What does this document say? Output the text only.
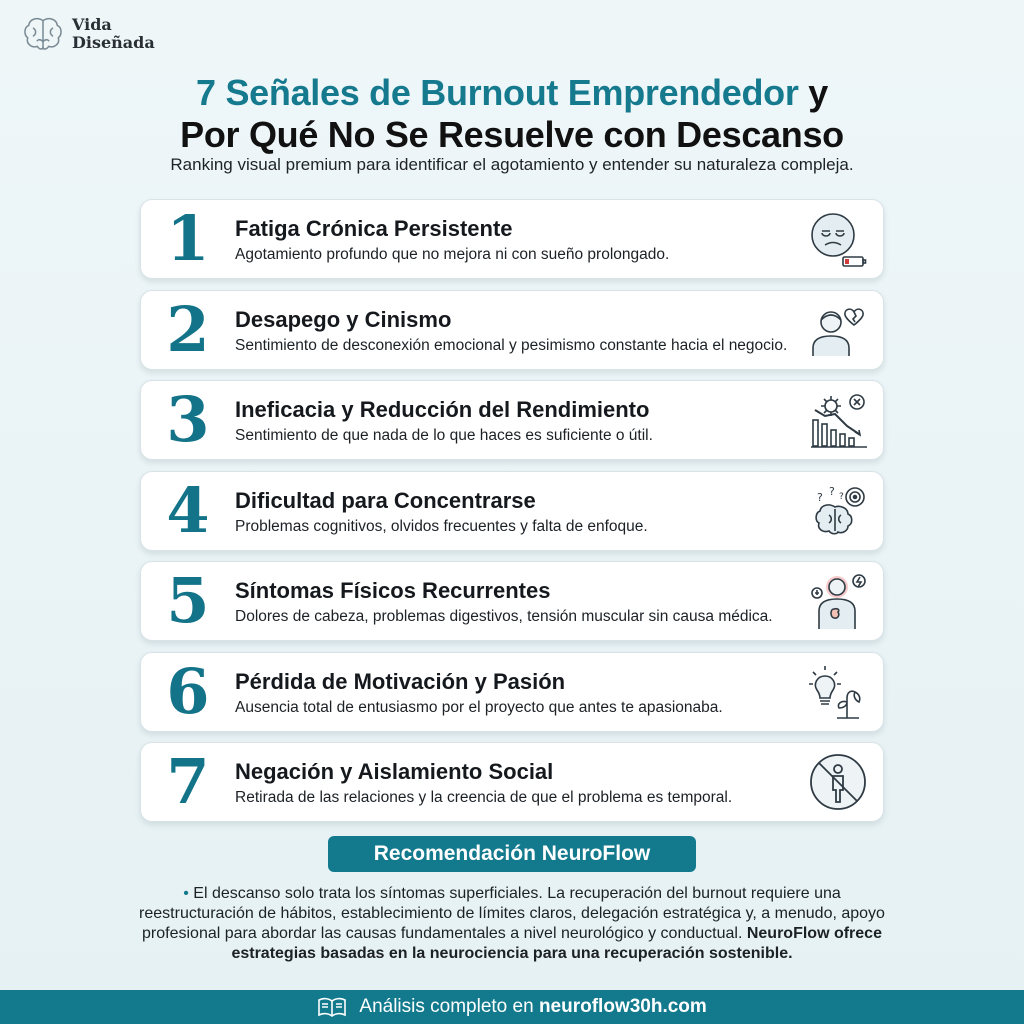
Vida
Diseñada
7 Señales de Burnout Emprendedor y
Por Qué No Se Resuelve con Descanso
Ranking visual premium para identificar el agotamiento y entender su naturaleza compleja.
1 Fatiga Crónica Persistente
Agotamiento profundo que no mejora ni con sueño prolongado.
2 Desapego y Cinismo
Sentimiento de desconexión emocional y pesimismo constante hacia el negocio.
3 Ineficacia y Reducción del Rendimiento
Sentimiento de que nada de lo que haces es suficiente o útil.
4 Dificultad para Concentrarse
Problemas cognitivos, olvidos frecuentes y falta de enfoque.
? ? ?
5 Síntomas Físicos Recurrentes
Dolores de cabeza, problemas digestivos, tensión muscular sin causa médica.
6 Pérdida de Motivación y Pasión
Ausencia total de entusiasmo por el proyecto que antes te apasionaba.
7 Negación y Aislamiento Social
Retirada de las relaciones y la creencia de que el problema es temporal.
Recomendación NeuroFlow
• El descanso solo trata los síntomas superficiales. La recuperación del burnout requiere una reestructuración de hábitos, establecimiento de límites claros, delegación estratégica y, a menudo, apoyo profesional para abordar las causas fundamentales a nivel neurológico y conductual. NeuroFlow ofrece estrategias basadas en la neurociencia para una recuperación sostenible.
Análisis completo en neuroflow30h.com
